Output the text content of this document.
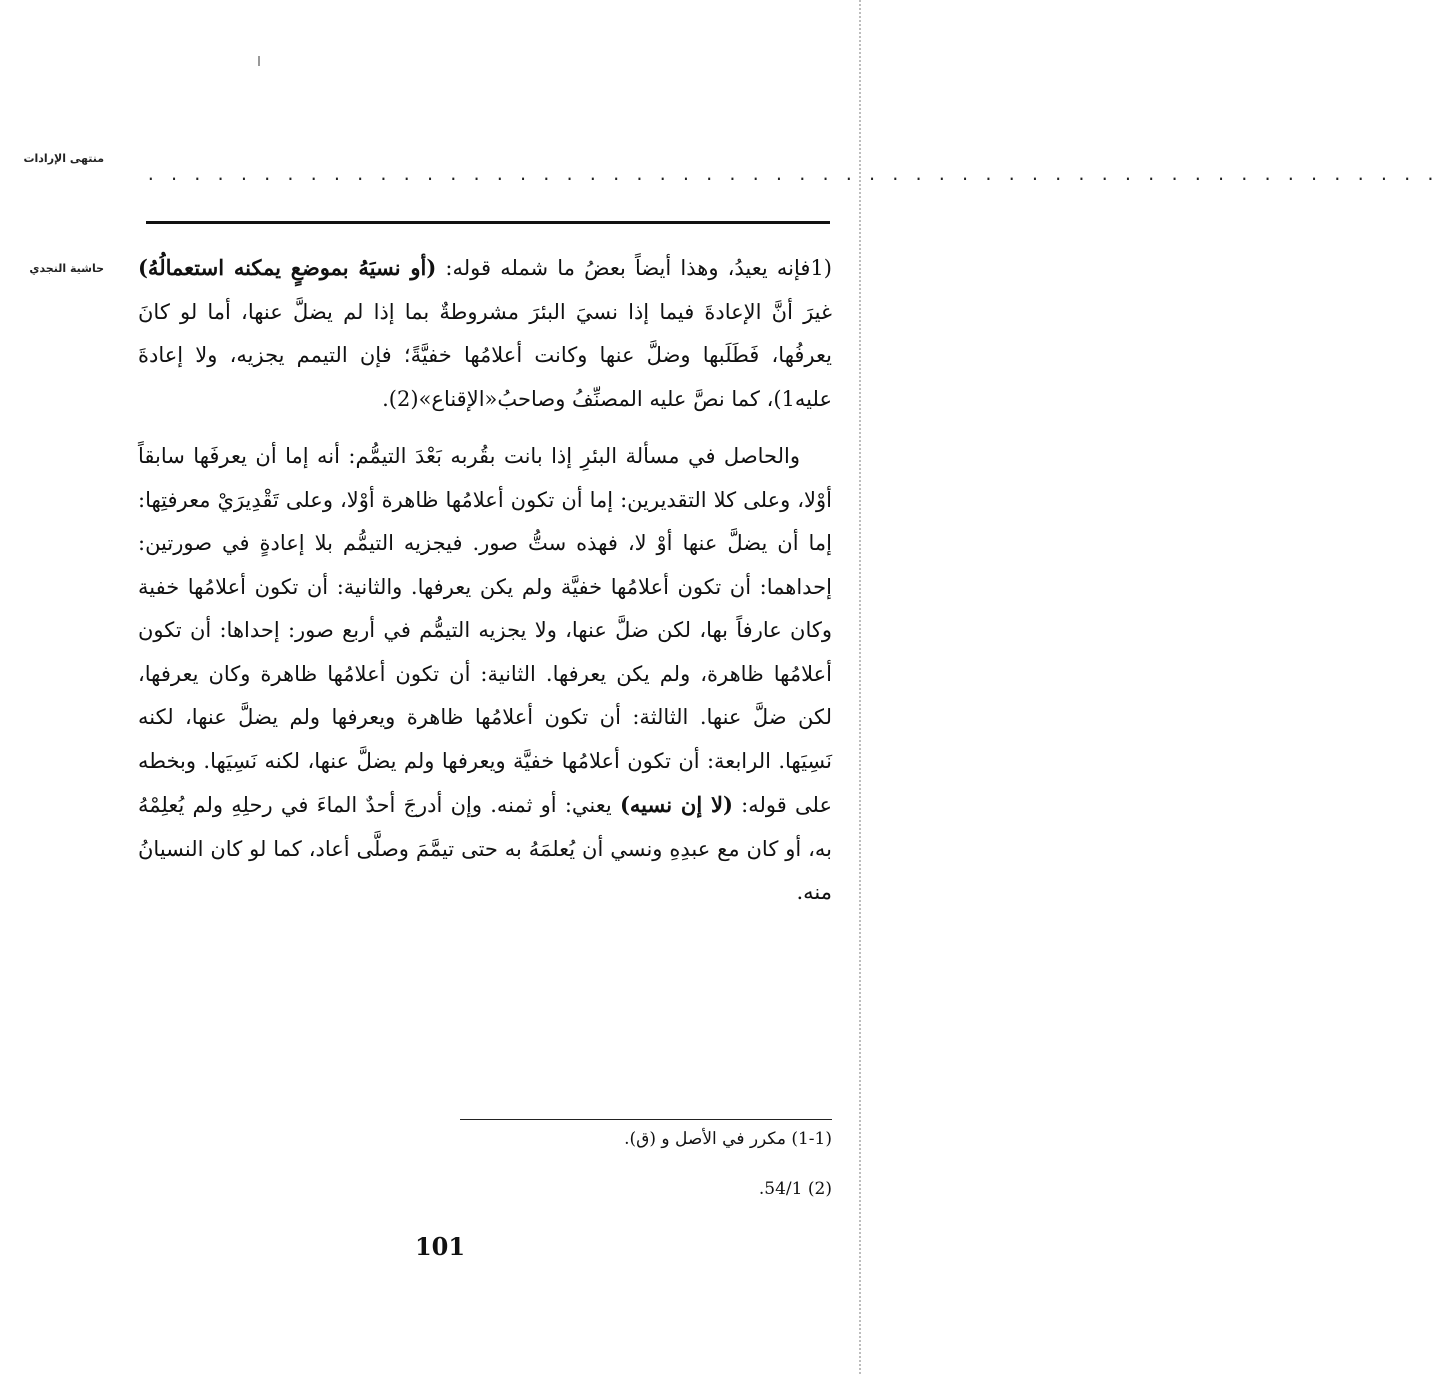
منتهى الإرادات
. . . . . . . . . . . . . . . . . . . . . . . . . . . . . . . . . . . . . . . . . . . . . . . . . . . . . . . .
حاشية النجدي	(1فإنه يعيدُ، وهذا أيضاً بعضُ ما شمله قوله: (أو نسيَهُ بموضعٍ يمكنه استعمالُهُ) غيرَ أنَّ الإعادةَ فيما إذا نسيَ البئرَ مشروطةٌ بما إذا لم يضلَّ عنها، أما لو كانَ يعرفُها، فَطَلَبها وضلَّ عنها وكانت أعلامُها خفيَّةً؛ فإن التيمم يجزيه، ولا إعادةَ عليه1)، كما نصَّ عليه المصنِّفُ وصاحبُ«الإقناع»(2).

والحاصل في مسألة البئرِ إذا بانت بقُربه بَعْدَ التيمُّم: أنه إما أن يعرفَها سابقاً أوْلا، وعلى كلا التقديرين: إما أن تكون أعلامُها ظاهرة أوْلا، وعلى تَقْدِيرَيْ معرفتِها: إما أن يضلَّ عنها أوْ لا، فهذه ستُّ صور. فيجزيه التيمُّم بلا إعادةٍ في صورتين: إحداهما: أن تكون أعلامُها خفيَّة ولم يكن يعرفها. والثانية: أن تكون أعلامُها خفية وكان عارفاً بها، لكن ضلَّ عنها، ولا يجزيه التيمُّم في أربع صور: إحداها: أن تكون أعلامُها ظاهرة، ولم يكن يعرفها. الثانية: أن تكون أعلامُها ظاهرة وكان يعرفها، لكن ضلَّ عنها. الثالثة: أن تكون أعلامُها ظاهرة ويعرفها ولم يضلَّ عنها، لكنه نَسِيَها. الرابعة: أن تكون أعلامُها خفيَّة ويعرفها ولم يضلَّ عنها، لكنه نَسِيَها. وبخطه على قوله: (لا إن نسيه) يعني: أو ثمنه. وإن أدرجَ أحدٌ الماءَ في رحلِهِ ولم يُعلِمْهُ به، أو كان مع عبدِهِ ونسي أن يُعلمَهُ به حتى تيمَّمَ وصلَّى أعاد، كما لو كان النسيانُ منه.

(1-1) مكرر في الأصل و (ق).
(2) 54/1.
101
